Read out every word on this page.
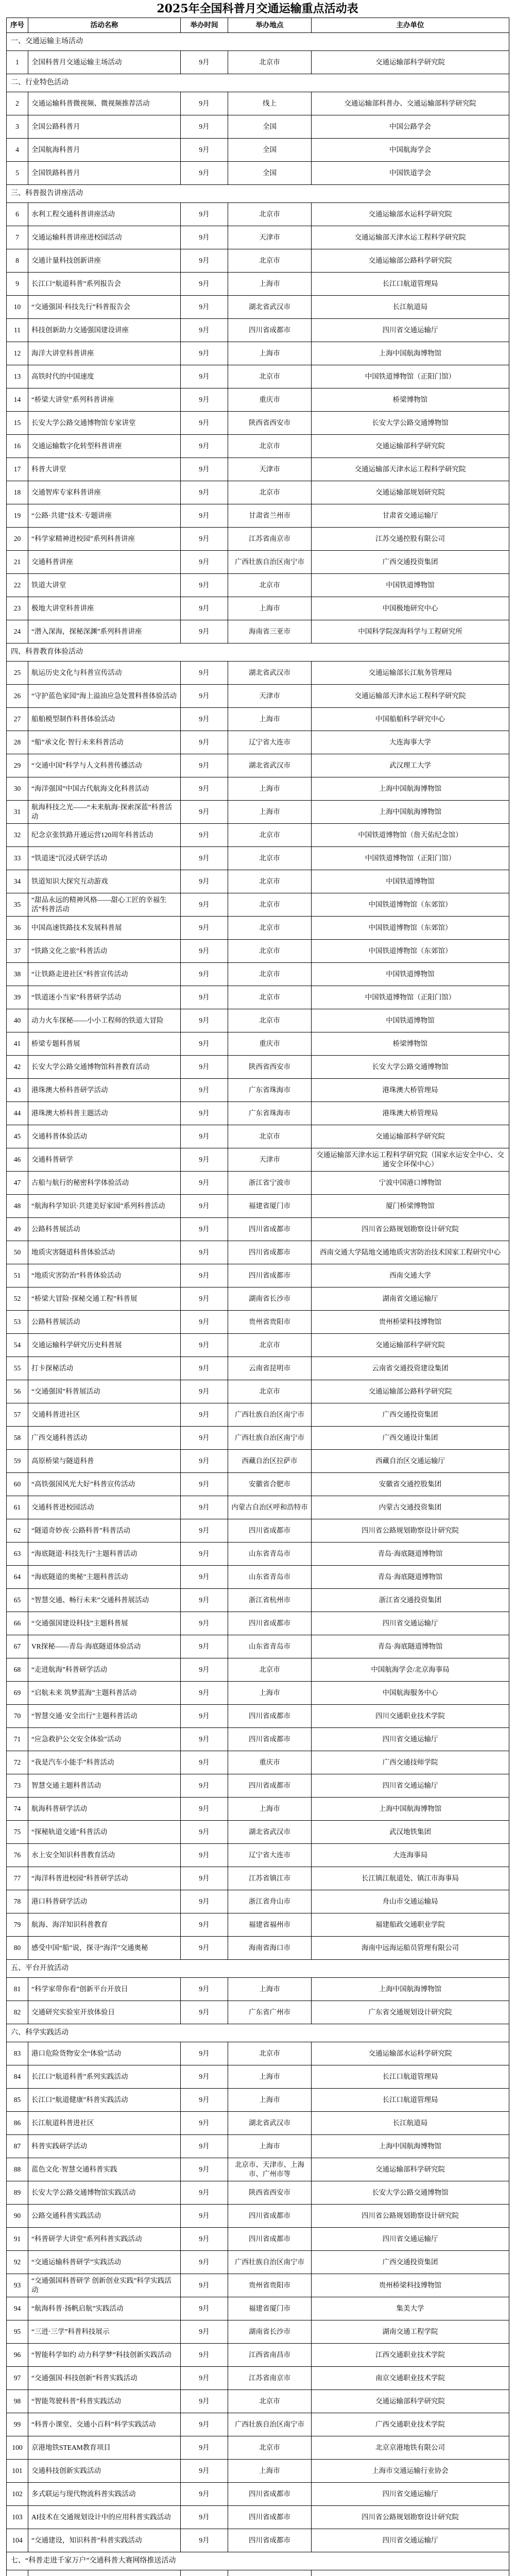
2025年全国科普月交通运输重点活动表
序号	活动名称	举办时间	举办地点	主办单位
一、交通运输主场活动				
1	全国科普月交通运输主场活动	9月	北京市	交通运输部科学研究院
二、行业特色活动				
2	交通运输科普微视频、微视频推荐活动	9月	线上	交通运输部科普办、交通运输部科学研究院
3	全国公路科普月	9月	全国	中国公路学会
4	全国航海科普月	9月	全国	中国航海学会
5	全国铁路科普月	9月	全国	中国铁道学会
三、科普报告讲座活动				
6	水利工程交通科普讲座活动	9月	北京市	交通运输部水运科学研究院
7	交通运输科普讲座进校园活动	9月	天津市	交通运输部天津水运工程科学研究院
8	交通计量科技创新讲座	9月	北京市	交通运输部公路科学研究院
9	长江口“航道科普”系列报告会	9月	上海市	长江口航道管理局
10	“交通强国·科技先行”科普报告会	9月	湖北省武汉市	长江航道局
11	科技创新助力交通强国建设讲座	9月	四川省成都市	四川省交通运输厅
12	海洋大讲堂科普讲座	9月	上海市	上海中国航海博物馆
13	高铁时代的中国速度	9月	北京市	中国铁道博物馆（正阳门馆）
14	“桥梁大讲堂”系列科普讲座	9月	重庆市	桥梁博物馆
15	长安大学公路交通博物馆专家讲堂	9月	陕西省西安市	长安大学公路交通博物馆
16	交通运输数字化转型科普讲座	9月	北京市	交通运输部科学研究院
17	科普大讲堂	9月	天津市	交通运输部天津水运工程科学研究院
18	交通智库专家科普讲座	9月	北京市	交通运输部规划研究院
19	“公路·共建”技术·专题讲座	9月	甘肃省兰州市	甘肃省交通运输厅
20	“科学家精神进校园”系列科普讲座	9月	江苏省南京市	江苏交通控股有限公司
21	交通科普讲座	9月	广西壮族自治区南宁市	广西交通投资集团
22	铁道大讲堂	9月	北京市	中国铁道博物馆
23	极地大讲堂科普讲座	9月	上海市	中国极地研究中心
24	“潜入深海，探秘深渊”系列科普讲座	9月	海南省三亚市	中国科学院深海科学与工程研究所
四、科普教育体验活动				
25	航运历史文化与科普宣传活动	9月	湖北省武汉市	交通运输部长江航务管理局
26	“守护蓝色家园”海上溢油应急处置科普体验活动	9月	天津市	交通运输部天津水运工程科学研究院
27	船舶模型制作科普体验活动	9月	上海市	中国船舶科学研究中心
28	“船”承文化·智行未来科普活动	9月	辽宁省大连市	大连海事大学
29	“交通中国”科学与人文科普传播活动	9月	湖北省武汉市	武汉理工大学
30	“海洋强国”中国古代航海文化科普活动	9月	上海市	上海中国航海博物馆
31	航海科技之光——“未来航海·探索深蓝”科普活动	9月	上海市	上海中国航海博物馆
32	纪念京张铁路开通运营120周年科普活动	9月	北京市	中国铁道博物馆（詹天佑纪念馆）
33	“铁道迷”沉浸式研学活动	9月	北京市	中国铁道博物馆（正阳门馆）
34	铁道知识大探究互动游戏	9月	北京市	中国铁道博物馆
35	“甜品永远的精神风格——甜心工匠的幸福生活”科普活动	9月	北京市	中国铁道博物馆（东郊馆）
36	中国高速铁路技术发展科普展	9月	北京市	中国铁道博物馆（东郊馆）
37	“铁路文化之旅”科普活动	9月	北京市	中国铁道博物馆（东郊馆）
38	“让铁路走进社区”科普宣传活动	9月	北京市	中国铁道博物馆
39	“铁道迷小当家”科普研学活动	9月	北京市	中国铁道博物馆（正阳门馆）
40	动力火车探秘——小小工程师的铁道大冒险	9月	北京市	中国铁道博物馆
41	桥梁专题科普展	9月	重庆市	桥梁博物馆
42	长安大学公路交通博物馆科普教育活动	9月	陕西省西安市	长安大学公路交通博物馆
43	港珠澳大桥科普研学活动	9月	广东省珠海市	港珠澳大桥管理局
44	港珠澳大桥科普主题活动	9月	广东省珠海市	港珠澳大桥管理局
45	交通科普体验活动	9月	北京市	交通运输部科学研究院
46	交通科普研学	9月	天津市	交通运输部天津水运工程科学研究院（国家水运安全中心、交通安全环保中心）
47	古船与航行的秘密科学体验活动	9月	浙江省宁波市	宁波中国港口博物馆
48	“航海科学知识·共建美好家园”系列科普活动	9月	福建省厦门市	厦门桥梁博物馆
49	公路科普展活动	9月	四川省成都市	四川省公路规划勘察设计研究院
50	地质灾害隧道科普体验活动	9月	四川省成都市	西南交通大学陆地交通地质灾害防治技术国家工程研究中心
51	“地质灾害防治”科普体验活动	9月	四川省成都市	西南交通大学
52	“桥梁大冒险·探秘交通工程”科普展	9月	湖南省长沙市	湖南省交通运输厅
53	公路科普展活动	9月	贵州省贵阳市	贵州桥梁科技博物馆
54	交通运输科学研究历史科普展	9月	北京市	交通运输部科学研究院
55	打卡探秘活动	9月	云南省昆明市	云南省交通投资建设集团
56	“交通强国”科普展活动	9月	北京市	交通运输部公路科学研究院
57	交通科普进社区	9月	广西壮族自治区南宁市	广西交通投资集团
58	广西交通科普活动	9月	广西壮族自治区南宁市	广西交通设计集团
59	高原桥梁与隧道科普	9月	西藏自治区拉萨市	西藏自治区交通运输厅
60	“高铁强国风光大好”科普宣传活动	9月	安徽省合肥市	安徽省交通控股集团
61	交通科普进校园活动	9月	内蒙古自治区呼和浩特市	内蒙古交通投资集团
62	“隧道奇妙夜·公路科普”科普活动	9月	四川省成都市	四川省公路规划勘察设计研究院
63	“海底隧道·科技先行”主题科普活动	9月	山东省青岛市	青岛·海底隧道博物馆
64	“海底隧道的奥秘”主题科普活动	9月	山东省青岛市	青岛·海底隧道博物馆
65	“智慧交通、畅行未来”交通科普展活动	9月	浙江省杭州市	浙江省交通投资集团
66	“交通强国建设科技”主题科普展	9月	四川省成都市	四川省交通运输厅
67	VR探秘——青岛·海底隧道体验活动	9月	山东省青岛市	青岛·海底隧道博物馆
68	“走进航海”科普研学活动	9月	北京市	中国航海学会/北京海事局
69	“启航未来 筑梦蓝海”主题科普活动	9月	上海市	中国航海服务中心
70	“智慧交通·安全出行”主题科普活动	9月	四川省成都市	四川交通职业技术学院
71	“应急救护公交安全体验”活动	9月	四川省成都市	四川省交通运输厅
72	“我是汽车小能手”科普活动	9月	重庆市	广西交通技师学院
73	智慧交通主题科普活动	9月	四川省成都市	四川省交通运输厅
74	航海科普研学活动	9月	上海市	上海中国航海博物馆
75	“探秘轨道交通”科普活动	9月	湖北省武汉市	武汉地铁集团
76	水上安全知识科普教育活动	9月	辽宁省大连市	大连海事局
77	“海洋科普进校园”科普研学活动	9月	江苏省镇江市	长江镇江航道处、镇江市海事局
78	港口科普研学活动	9月	浙江省舟山市	舟山市交通运输局
79	航海、海洋知识科普教育	9月	福建省福州市	福建船政交通职业学院
80	感受中国“船”说，探寻“海洋”交通奥秘	9月	海南省海口市	海南中远海运船员管理有限公司
五、平台开放活动				
81	“科学家带你看”创新平台开放日	9月	上海市	上海中国航海博物馆
82	交通研究实验室开放体验日	9月	广东省广州市	广东省交通规划设计研究院
六、科学实践活动				
83	港口危险货物安全“体验”活动	9月	北京市	交通运输部水运科学研究院
84	长江口“航道科普”系列实践活动	9月	上海市	长江口航道管理局
85	长江口“航道健康”科普实践活动	9月	上海市	长江口航道管理局
86	长江航道科普进社区	9月	湖北省武汉市	长江航道局
87	科普实践研学活动	9月	上海市	上海中国航海博物馆
88	蓝色文化·智慧交通科普实践	9月	北京市、天津市、上海市、广州市等	交通运输部科学研究院
89	长安大学公路交通博物馆实践活动	9月	陕西省西安市	长安大学公路交通博物馆
90	公路交通科普实践活动	9月	四川省成都市	四川省公路规划勘察设计研究院
91	“科普研学大讲堂”系列科普实践活动	9月	四川省成都市	四川省交通运输厅
92	“交通运输科普研学”实践活动	9月	广西壮族自治区南宁市	广西交通投资集团
93	“交通强国科普研学 创新创业实践”科学实践活动	9月	贵州省贵阳市	贵州桥梁科技博物馆
94	“航海科普·扬帆启航”实践活动	9月	福建省厦门市	集美大学
95	“三进·三学”科普科技展示	9月	湖南省长沙市	湖南交通工程学院
96	“智能科学如约 动力科学梦”科技创新实践活动	9月	江西省南昌市	江西交通职业技术学院
97	“交通强国·科技创新”科普实践活动	9月	江苏省南京市	南京交通职业技术学院
98	“智能驾驶科普”科普实践活动	9月	北京市	交通运输部科学研究院
99	“科普小课堂、交通小百科”科学实践活动	9月	广西壮族自治区南宁市	广西交通职业技术学院
100	京港地铁STEAM教育项目	9月	北京市	北京京港地铁有限公司
101	交通科技创新实践活动	9月	上海市	上海市交通运输行业协会
102	多式联运与现代物流科普实践活动	9月	四川省成都市	四川省交通运输厅
103	AI技术在交通规划设计中的应用科普实践活动	9月	四川省成都市	四川省公路规划勘察设计研究院
104	“交通建设，知识科普”科普实践活动	9月	四川省成都市	四川省交通运输厅
七、“科普走进千家万户”交通科普大赛网络推送活动				
